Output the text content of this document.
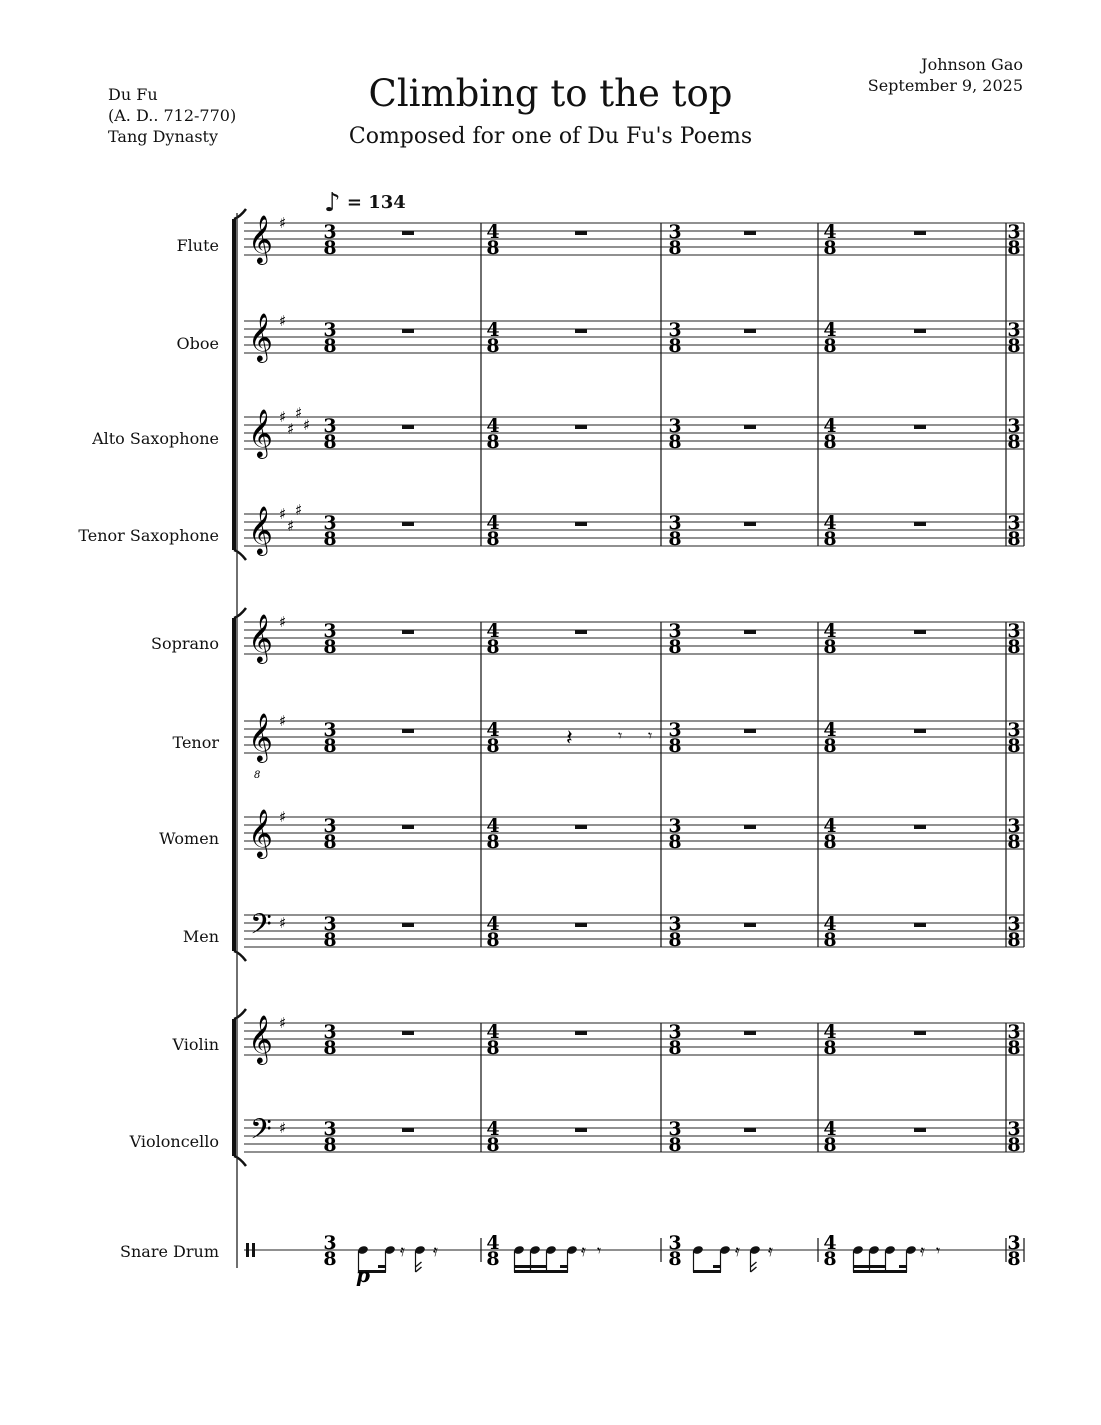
Climbing to the top
Composed for one of Du Fu's Poems
Du Fu
(A. D.. 712-770)
Tang Dynasty
Johnson Gao
September 9, 2025
♪ = 134
Flute
Oboe
Alto Saxophone
Tenor Saxophone
Soprano
Tenor
Women
Men
Violin
Violoncello
Snare Drum
𝄞 ♯ 3
8
4
8
3
8
4
8
3
8
𝄞 ♯ 3
8
4
8
3
8
4
8
3
8
𝄞 ♯
♯
♯
♯ 3
8
4
8
3
8
4
8
3
8
𝄞 ♯
♯
♯
3
8
4
8
3
8
4
8
3
8
𝄞 ♯ 3
8
4
8
3
8
4
8
3
8
𝄞
8
♯ 3
8
4
8
3
8
4
8
3
8
𝄽	𝄾 𝄾
𝄞 ♯ 3
8
4
8
3
8
4
8
3
8
𝄢 ♯ 3
8
4
8
3
8
4
8
3
8
𝄞 ♯ 3
8
4
8
3
8
4
8
3
8
𝄢 ♯ 3
8
4
8
3
8
4
8
3
8
3
8
4
8
3
8
4
8
3
8
𝄿 𝄿	𝄿 𝄾	𝄿 𝄿	𝄿 𝄾
p
